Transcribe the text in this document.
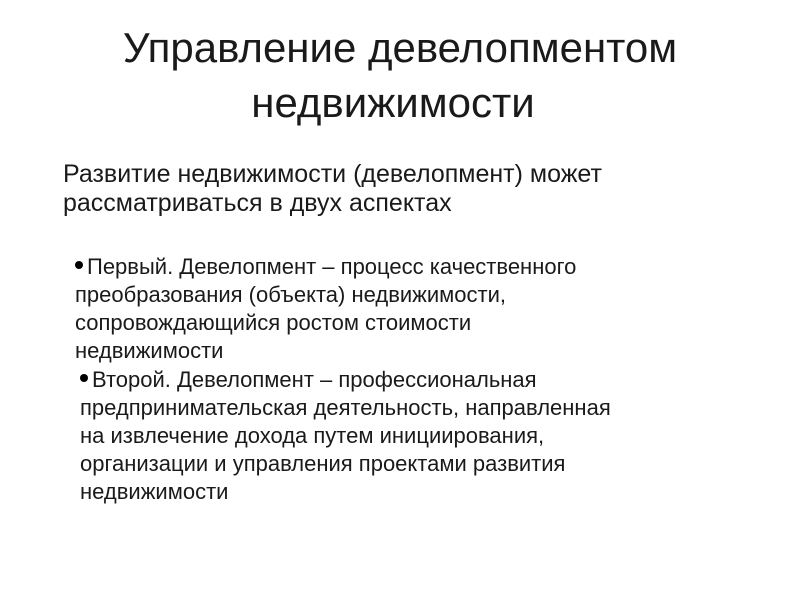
Управление девелопментом
недвижимости

Развитие недвижимости (девелопмент) может
рассматриваться в двух аспектах

Первый. Девелопмент – процесс качественного
преобразования (объекта) недвижимости,
сопровождающийся ростом стоимости
недвижимости

Второй. Девелопмент – профессиональная
предпринимательская деятельность, направленная
на извлечение дохода путем инициирования,
организации и управления проектами развития
недвижимости
